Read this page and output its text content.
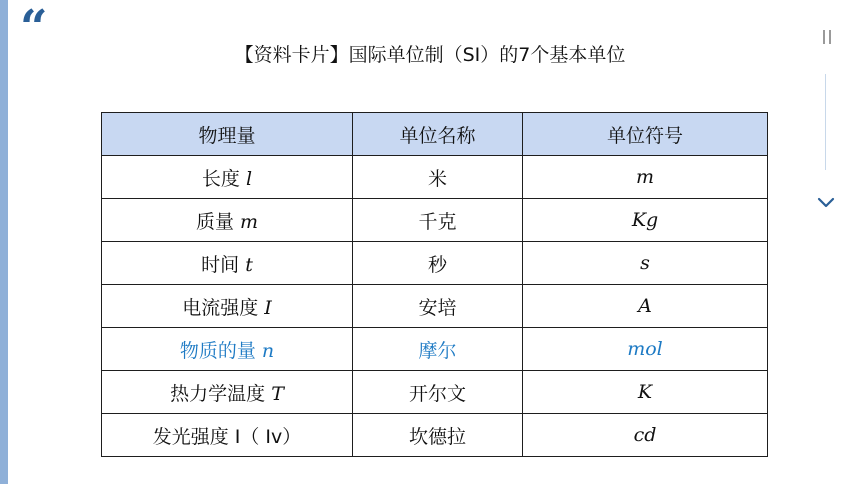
“	【资料卡片】国际单位制（SI）的7个基本单位
物理量	单位名称	单位符号
长度 l	米	m
质量 m	千克	Kg
时间 t	秒	s
电流强度 I	安培	A
物质的量 n	摩尔	mol
热力学温度 T	开尔文	K
发光强度 I（ Iv）	坎德拉	cd
